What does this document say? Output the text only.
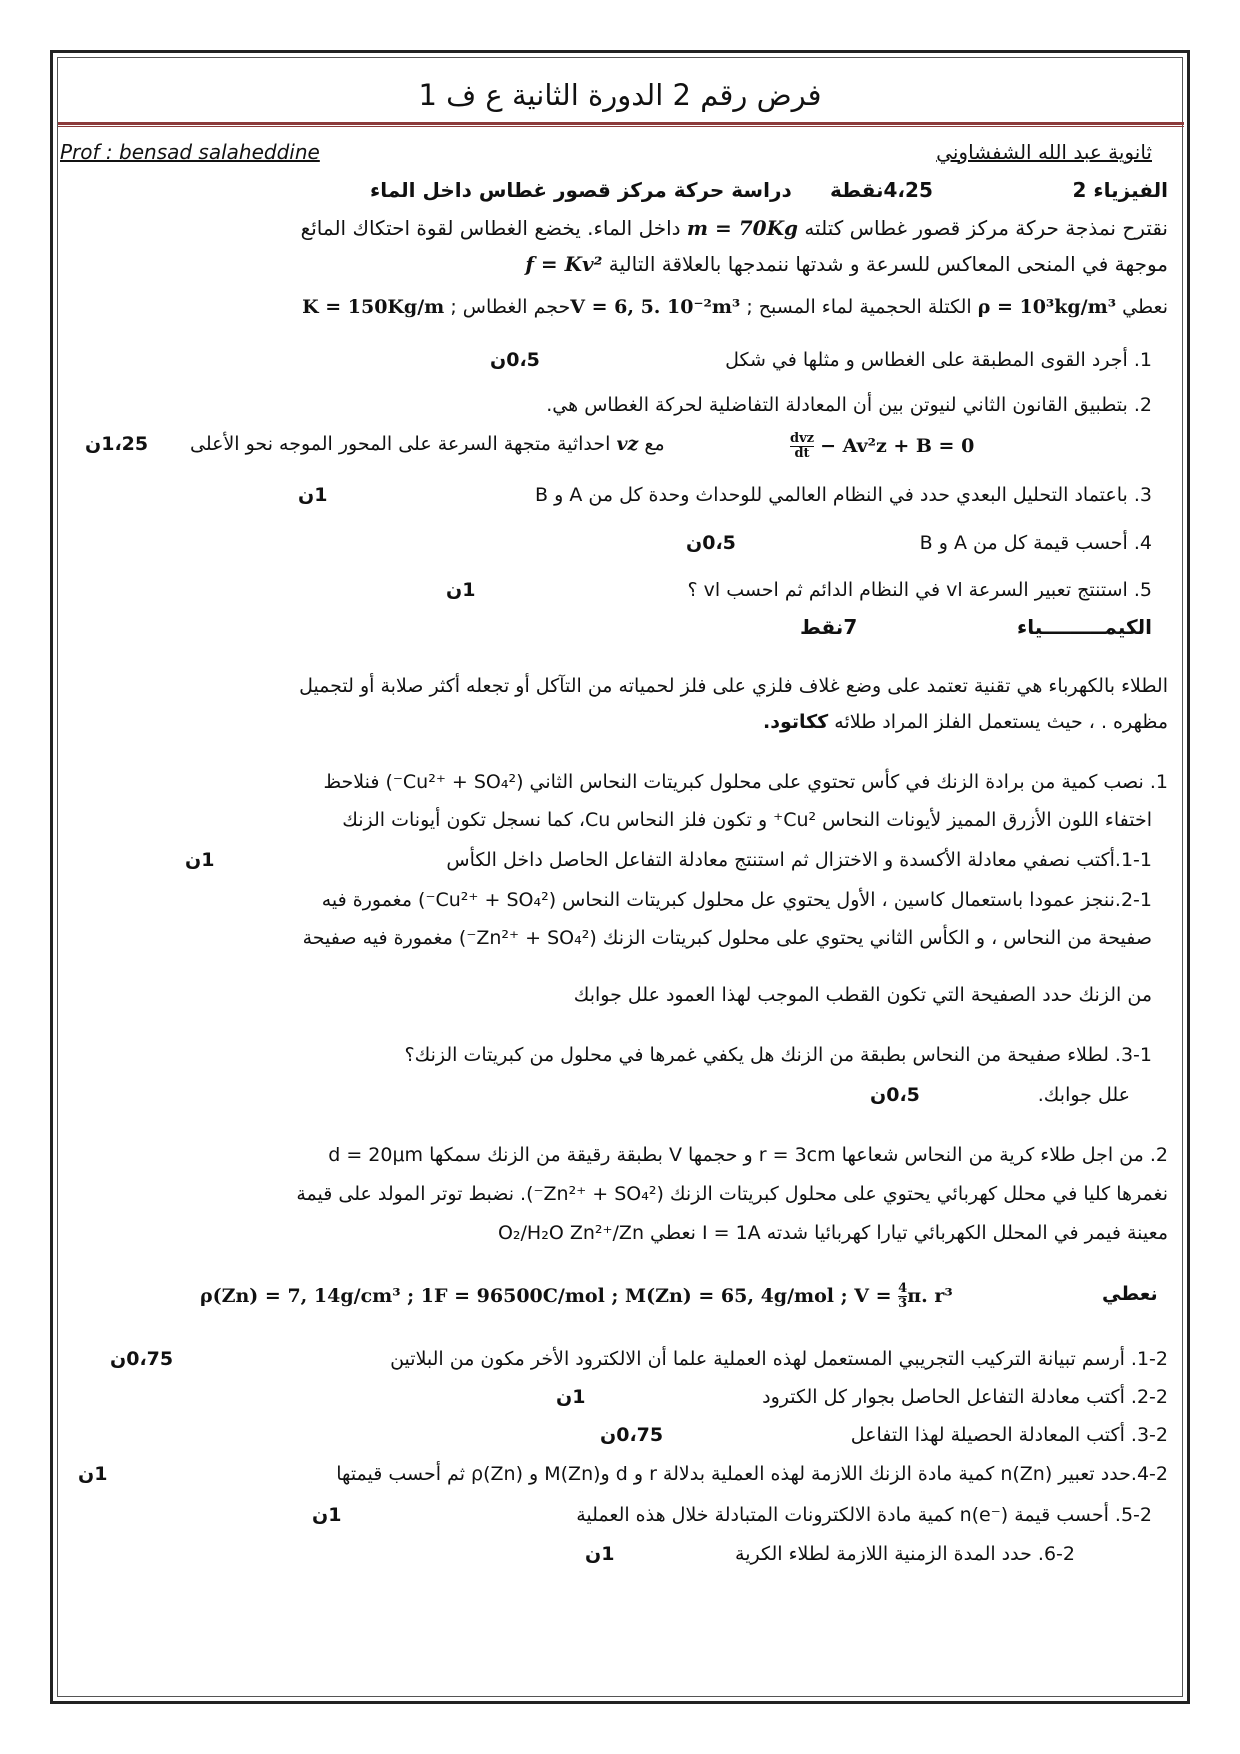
فرض رقم 2 الدورة الثانية ع ف 1
Prof : bensad salaheddine	ثانوية عبد الله الشفشاوني
الفيزياء 2
4،25نقطة
دراسة حركة مركز قصور غطاس داخل الماء
نقترح نمذجة حركة مركز قصور غطاس كتلته m = 70Kg داخل الماء. يخضع الغطاس لقوة احتكاك المائع
موجهة في المنحى المعاكس للسرعة و شدتها ننمدجها بالعلاقة التالية f = Kv²
نعطي ρ = 10³kg/m³ الكتلة الحجمية لماء المسبح ; V = 6, 5. 10⁻²m³حجم الغطاس ; K = 150Kg/m
1. أجرد القوى المطبقة على الغطاس و مثلها في شكل
0،5ن
2. بتطبيق القانون الثاني لنيوتن بين أن المعادلة التفاضلية لحركة الغطاس هي.
$\frac{\text{dvz}}{dt} - Av^2z + B = 0$
مع vz احداثية متجهة السرعة على المحور الموجه نحو الأعلى
1،25ن
3. باعتماد التحليل البعدي حدد في النظام العالمي للوحداث وحدة كل من A و B
1ن
4. أحسب قيمة كل من A و B
0،5ن
5. استنتج تعبير السرعة vl في النظام الدائم ثم احسب vl ؟
1ن
الكيمـــــــــياء
7نقط
الطلاء بالكهرباء هي تقنية تعتمد على وضع غلاف فلزي على فلز لحمياته من التآكل أو تجعله أكثر صلابة أو لتجميل
مظهره . ، حيث يستعمل الفلز المراد طلائه ككاتود.
1. نصب كمية من برادة الزنك في كأس تحتوي على محلول كبريتات النحاس الثاني (Cu²⁺ + SO₄²⁻) فنلاحظ
اختفاء اللون الأزرق المميز لأيونات النحاس Cu²⁺ و تكون فلز النحاس Cu، كما نسجل تكون أيونات الزنك
1-1.أكتب نصفي معادلة الأكسدة و الاختزال ثم استنتج معادلة التفاعل الحاصل داخل الكأس
1ن
2-1.ننجز عمودا باستعمال كاسين ، الأول يحتوي عل محلول كبريتات النحاس (Cu²⁺ + SO₄²⁻) مغمورة فيه
صفيحة من النحاس ، و الكأس الثاني يحتوي على محلول كبريتات الزنك (Zn²⁺ + SO₄²⁻) مغمورة فيه صفيحة
من الزنك حدد الصفيحة التي تكون القطب الموجب لهذا العمود علل جوابك
3-1. لطلاء صفيحة من النحاس بطبقة من الزنك هل يكفي غمرها في محلول من كبريتات الزنك؟
علل جوابك.
0،5ن
2. من اجل طلاء كرية من النحاس شعاعها r = 3cm و حجمها V بطبقة رقيقة من الزنك سمكها d = 20μm
نغمرها كليا في محلل كهربائي يحتوي على محلول كبريتات الزنك (Zn²⁺ + SO₄²⁻). نضبط توتر المولد على قيمة
معينة فيمر في المحلل الكهربائي تيارا كهربائيا شدته I = 1A نعطي O₂/H₂O Zn²⁺/Zn
ρ(Zn) = 7, 14g/cm³ ; 1F = 96500C/mol ; M(Zn) = 65, 4g/mol ; $V = \frac{4}{3} \pi$. r³	نعطي
1-2. أرسم تبيانة التركيب التجريبي المستعمل لهذه العملية علما أن الالكترود الأخر مكون من البلاتين
0،75ن
2-2. أكتب معادلة التفاعل الحاصل بجوار كل الكترود
1ن
3-2. أكتب المعادلة الحصيلة لهذا التفاعل
0،75ن
4-2.حدد تعبير n(Zn) كمية مادة الزنك اللازمة لهذه العملية بدلالة r و d وM(Zn) و ρ(Zn) ثم أحسب قيمتها
1ن
5-2. أحسب قيمة n(e⁻) كمية مادة الالكترونات المتبادلة خلال هذه العملية
1ن
6-2. حدد المدة الزمنية اللازمة لطلاء الكرية
1ن
